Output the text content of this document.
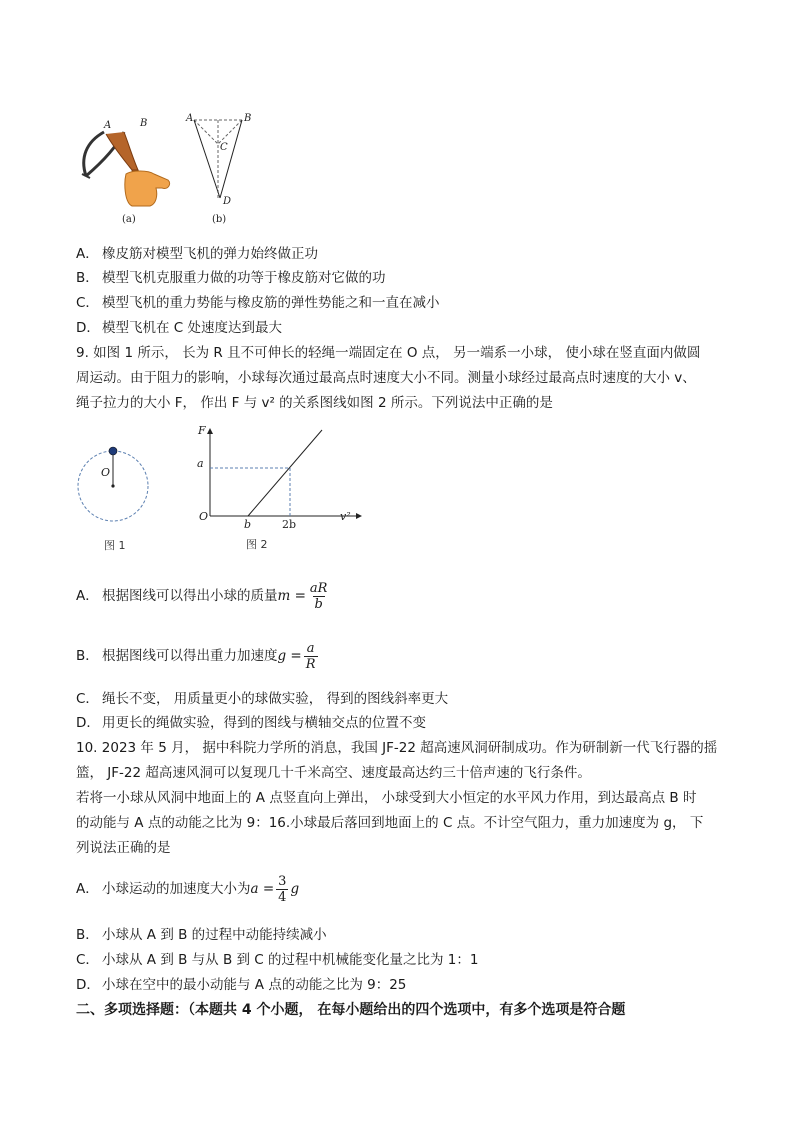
A	B
(a)
A	B
C
D
(b)
A． 橡皮筋对模型飞机的弹力始终做正功
B． 模型飞机克服重力做的功等于橡皮筋对它做的功
C． 模型飞机的重力势能与橡皮筋的弹性势能之和一直在减小
D． 模型飞机在 C 处速度达到最大
9. 如图 1 所示， 长为 R 且不可伸长的轻绳一端固定在 O 点， 另一端系一小球， 使小球在竖直面内做圆
周运动。由于阻力的影响，小球每次通过最高点时速度大小不同。测量小球经过最高点时速度的大小 v、
绳子拉力的大小 F， 作出 F 与 v² 的关系图线如图 2 所示。下列说法中正确的是
O
图 1
F
a
O
b	2b
v²
图 2
A． 根据图线可以得出小球的质量$m = \frac{aR}{b}$
B． 根据图线可以得出重力加速度$g = \frac{a}{R}$
C． 绳长不变， 用质量更小的球做实验， 得到的图线斜率更大
D． 用更长的绳做实验，得到的图线与横轴交点的位置不变
10. 2023 年 5 月， 据中科院力学所的消息，我国 JF-22 超高速风洞研制成功。作为研制新一代飞行器的摇
篮， JF-22 超高速风洞可以复现几十千米高空、速度最高达约三十倍声速的飞行条件。
若将一小球从风洞中地面上的 A 点竖直向上弹出， 小球受到大小恒定的水平风力作用，到达最高点 B 时
的动能与 A 点的动能之比为 9：16.小球最后落回到地面上的 C 点。不计空气阻力，重力加速度为 g， 下
列说法正确的是
A． 小球运动的加速度大小为$a = \frac{3}{4}$ g
B． 小球从 A 到 B 的过程中动能持续减小
C． 小球从 A 到 B 与从 B 到 C 的过程中机械能变化量之比为 1：1
D． 小球在空中的最小动能与 A 点的动能之比为 9：25
二、多项选择题：（本题共 4 个小题， 在每小题给出的四个选项中，有多个选项是符合题
